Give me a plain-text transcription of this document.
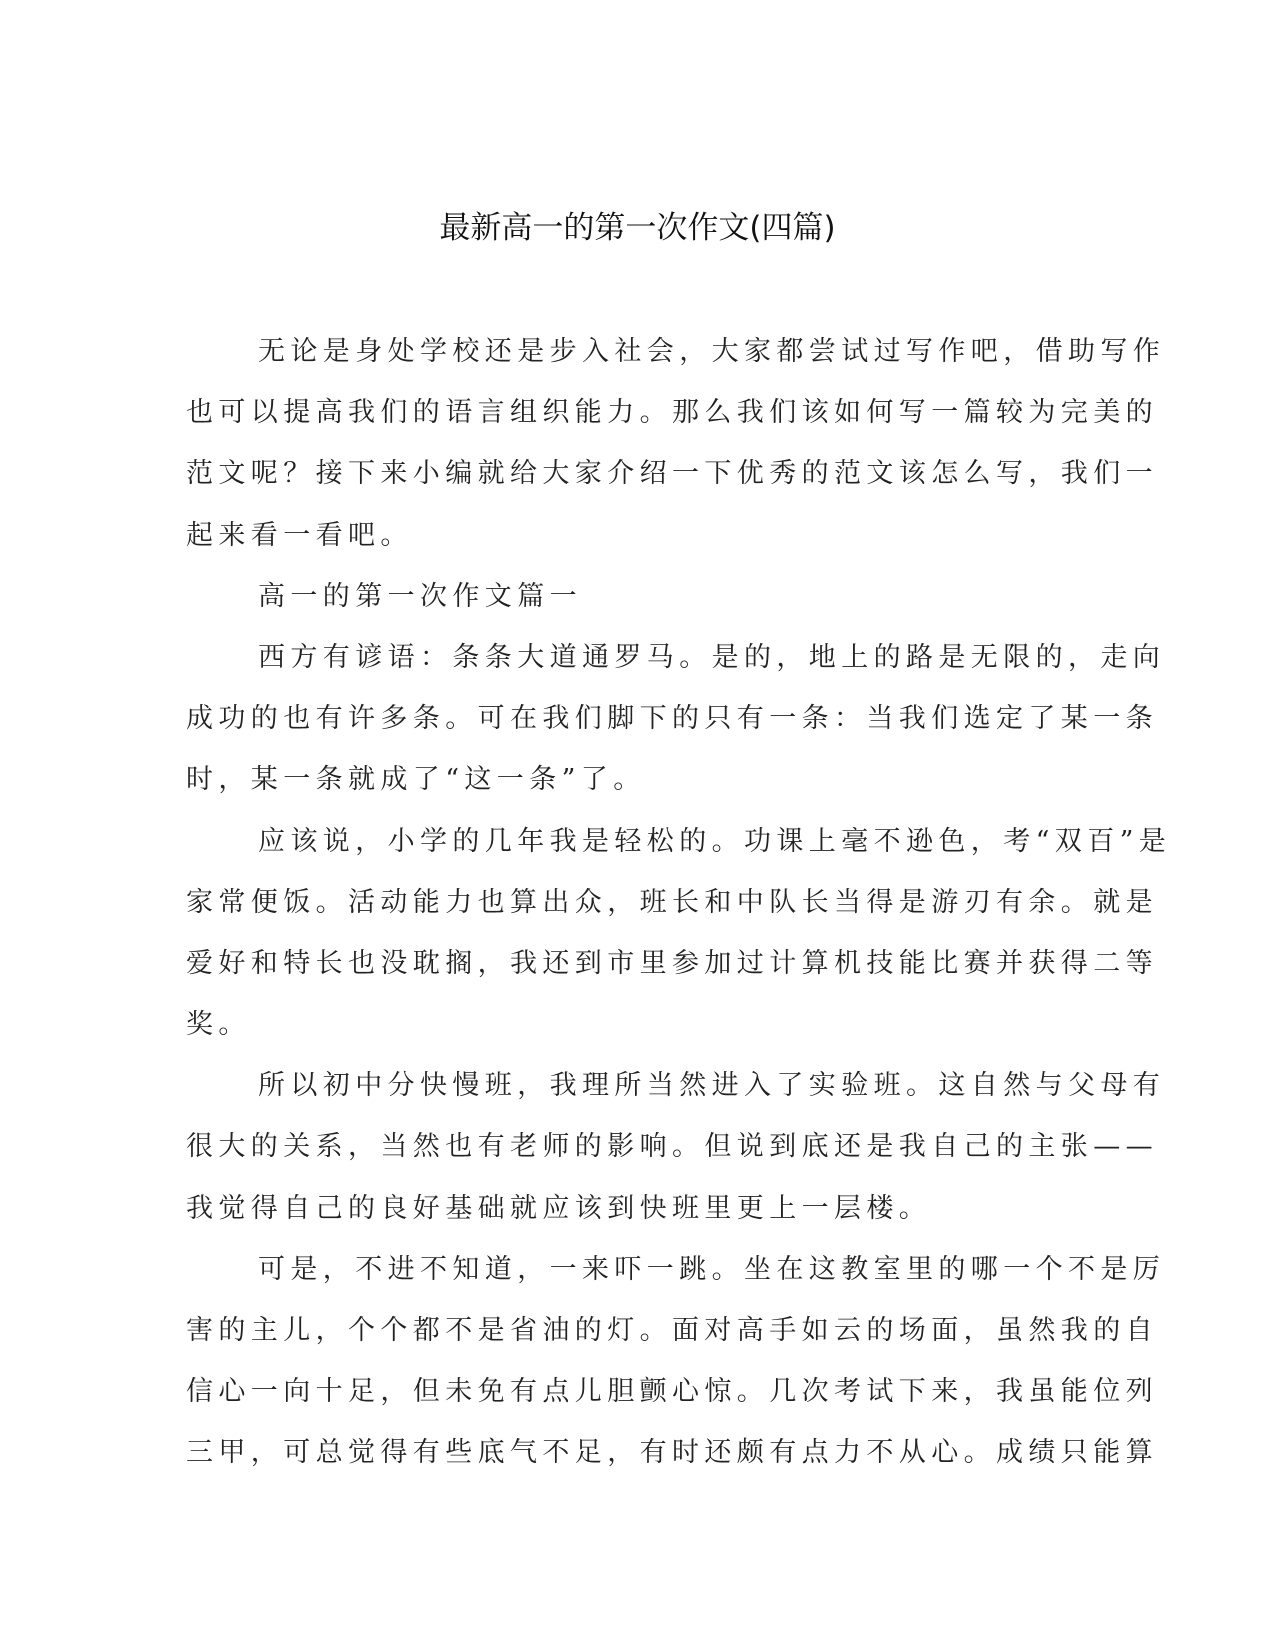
最新高一的第一次作文(四篇)
无论是身处学校还是步入社会，大家都尝试过写作吧，借助写作
也可以提高我们的语言组织能力。那么我们该如何写一篇较为完美的
范文呢？接下来小编就给大家介绍一下优秀的范文该怎么写，我们一
起来看一看吧。
高一的第一次作文篇一
西方有谚语：条条大道通罗马。是的，地上的路是无限的，走向
成功的也有许多条。可在我们脚下的只有一条：当我们选定了某一条
时，某一条就成了“这一条”了。
应该说，小学的几年我是轻松的。功课上毫不逊色，考“双百”是
家常便饭。活动能力也算出众，班长和中队长当得是游刃有余。就是
爱好和特长也没耽搁，我还到市里参加过计算机技能比赛并获得二等
奖。
所以初中分快慢班，我理所当然进入了实验班。这自然与父母有
很大的关系，当然也有老师的影响。但说到底还是我自己的主张——
我觉得自己的良好基础就应该到快班里更上一层楼。
可是，不进不知道，一来吓一跳。坐在这教室里的哪一个不是厉
害的主儿，个个都不是省油的灯。面对高手如云的场面，虽然我的自
信心一向十足，但未免有点儿胆颤心惊。几次考试下来，我虽能位列
三甲，可总觉得有些底气不足，有时还颇有点力不从心。成绩只能算
